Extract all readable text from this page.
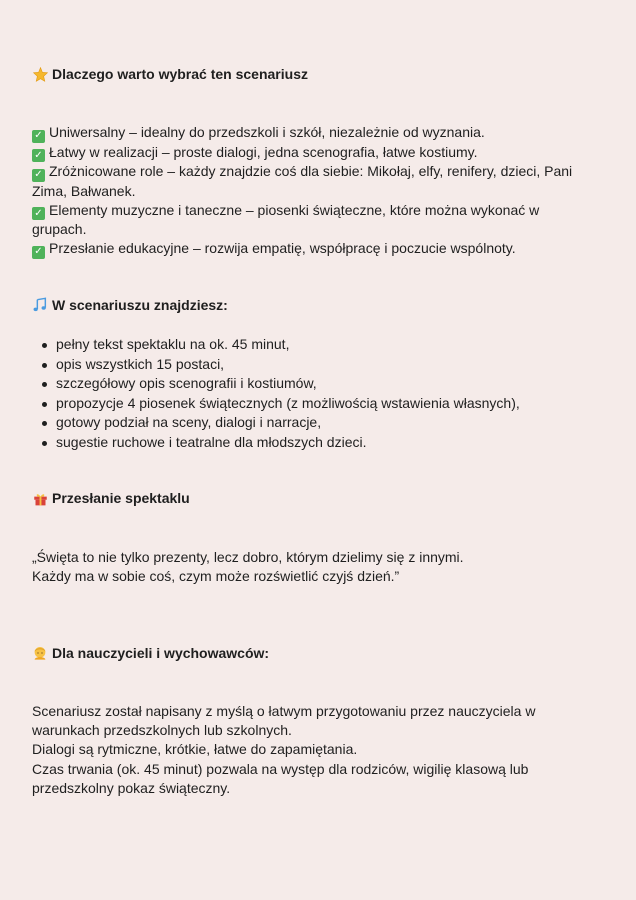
Dlaczego warto wybrać ten scenariusz

✓ Uniwersalny – idealny do przedszkoli i szkół, niezależnie od wyznania.

✓ Łatwy w realizacji – proste dialogi, jedna scenografia, łatwe kostiumy.

✓ Zróżnicowane role – każdy znajdzie coś dla siebie: Mikołaj, elfy, renifery, dzieci, Pani Zima, Bałwanek.

✓ Elementy muzyczne i taneczne – piosenki świąteczne, które można wykonać w grupach.

✓ Przesłanie edukacyjne – rozwija empatię, współpracę i poczucie wspólnoty.

W scenariuszu znajdziesz:
pełny tekst spektaklu na ok. 45 minut,
opis wszystkich 15 postaci,
szczegółowy opis scenografii i kostiumów,
propozycje 4 piosenek świątecznych (z możliwością wstawienia własnych),
gotowy podział na sceny, dialogi i narracje,
sugestie ruchowe i teatralne dla młodszych dzieci.
Przesłanie spektaklu

„Święta to nie tylko prezenty, lecz dobro, którym dzielimy się z innymi.

Każdy ma w sobie coś, czym może rozświetlić czyjś dzień.”

Dla nauczycieli i wychowawców:

Scenariusz został napisany z myślą o łatwym przygotowaniu przez nauczyciela w warunkach przedszkolnych lub szkolnych.

Dialogi są rytmiczne, krótkie, łatwe do zapamiętania.

Czas trwania (ok. 45 minut) pozwala na występ dla rodziców, wigilię klasową lub przedszkolny pokaz świąteczny.
